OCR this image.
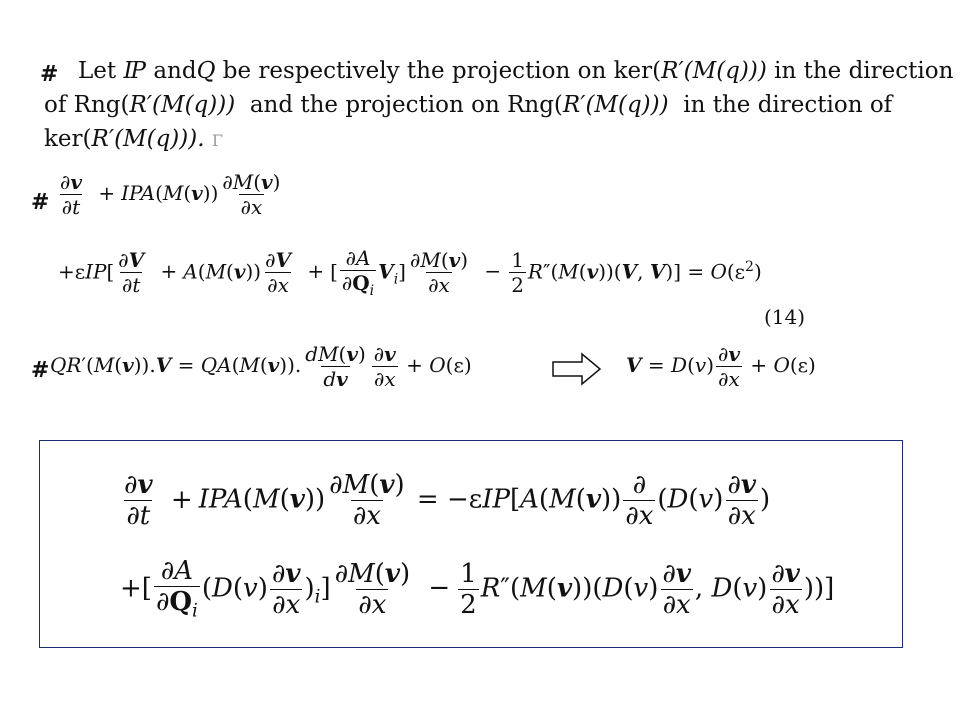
# Let IP andQ be respectively the projection on ker(R′(M(q))) in the direction
of Rng(R′(M(q))) and the projection on Rng(R′(M(q))) in the direction of
ker(R′(M(q))). Γ
# $\frac{\partial v}{\partial t} + IPA(M(v)) \frac{\partial M(v)}{\partial x}$
$+\varepsilon IP[ \frac{\partial V}{\partial t} + A(M(v)) \frac{\partial V}{\partial x}$ + [ $\frac{\partial A}{\partial Q_i} V_i] \frac{\partial M(v)}{\partial x} - \frac{1}{2} R''(M(v))(V$, $V)] = O(\varepsilon^2)$
(14)
# QR′(M(v)).V = QA(M(v)). $\frac{dM(v)}{dv} \frac{\partial v}{\partial x} + O(\varepsilon)$	$V = D(v) \frac{\partial v}{\partial x} + O(\varepsilon)$
$\frac{\partial v}{\partial t} + IPA(M(v)) \frac{\partial M(v)}{\partial x} = -\varepsilon IP[A(M(v)) \frac{\partial}{\partial x} (D(v) \frac{\partial v}{\partial x}$ )
+[ $\frac{\partial A}{\partial Q_i} (D(v) \frac{\partial v}{\partial x} )_i] \frac{\partial M(v)}{\partial x} - \frac{1}{2} R''(M(v))(D(v) \frac{\partial v}{\partial x}$ , $D(v) \frac{\partial v}{\partial x}$ ))]
